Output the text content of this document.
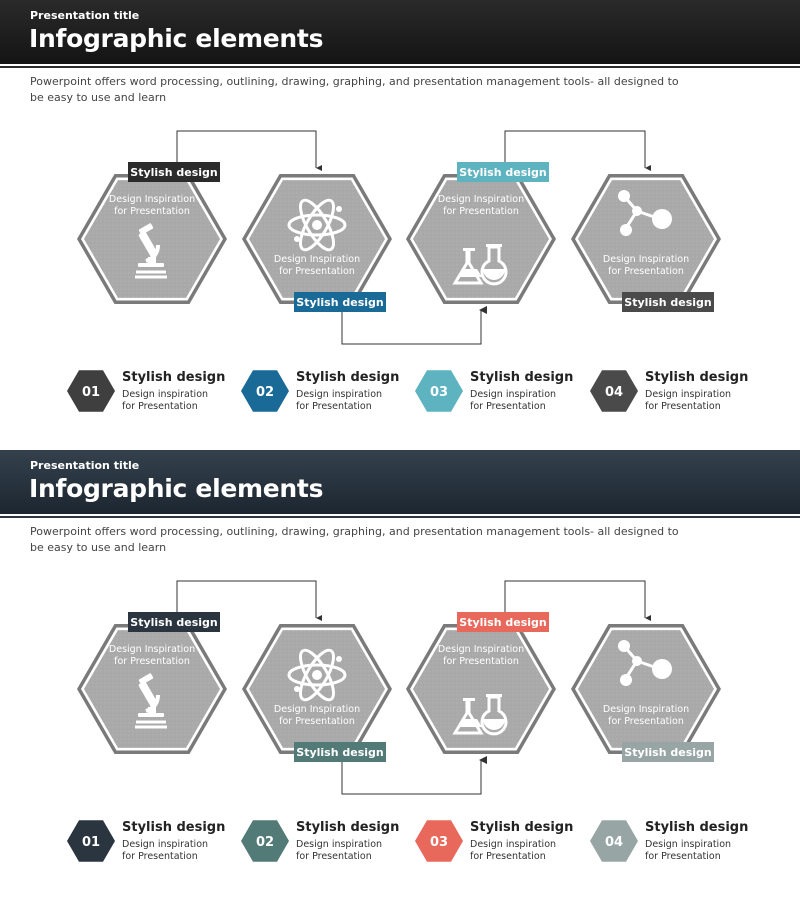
Presentation title
Infographic elements
Powerpoint offers word processing, outlining, drawing, graphing, and presentation management tools- all designed to be easy to use and learn
Design Inspiration for Presentation
Design Inspiration for Presentation
Design Inspiration for Presentation
Design Inspiration for Presentation
Stylish design
Stylish design
Stylish design
Stylish design
01
Stylish design
Design inspiration
for Presentation
02
Stylish design
Design inspiration
for Presentation
03
Stylish design
Design inspiration
for Presentation
04
Stylish design
Design inspiration
for Presentation
Presentation title
Infographic elements
Powerpoint offers word processing, outlining, drawing, graphing, and presentation management tools- all designed to be easy to use and learn
Design Inspiration for Presentation
Design Inspiration for Presentation
Design Inspiration for Presentation
Design Inspiration for Presentation
Stylish design
Stylish design
Stylish design
Stylish design
01
Stylish design
Design inspiration
for Presentation
02
Stylish design
Design inspiration
for Presentation
03
Stylish design
Design inspiration
for Presentation
04
Stylish design
Design inspiration
for Presentation
